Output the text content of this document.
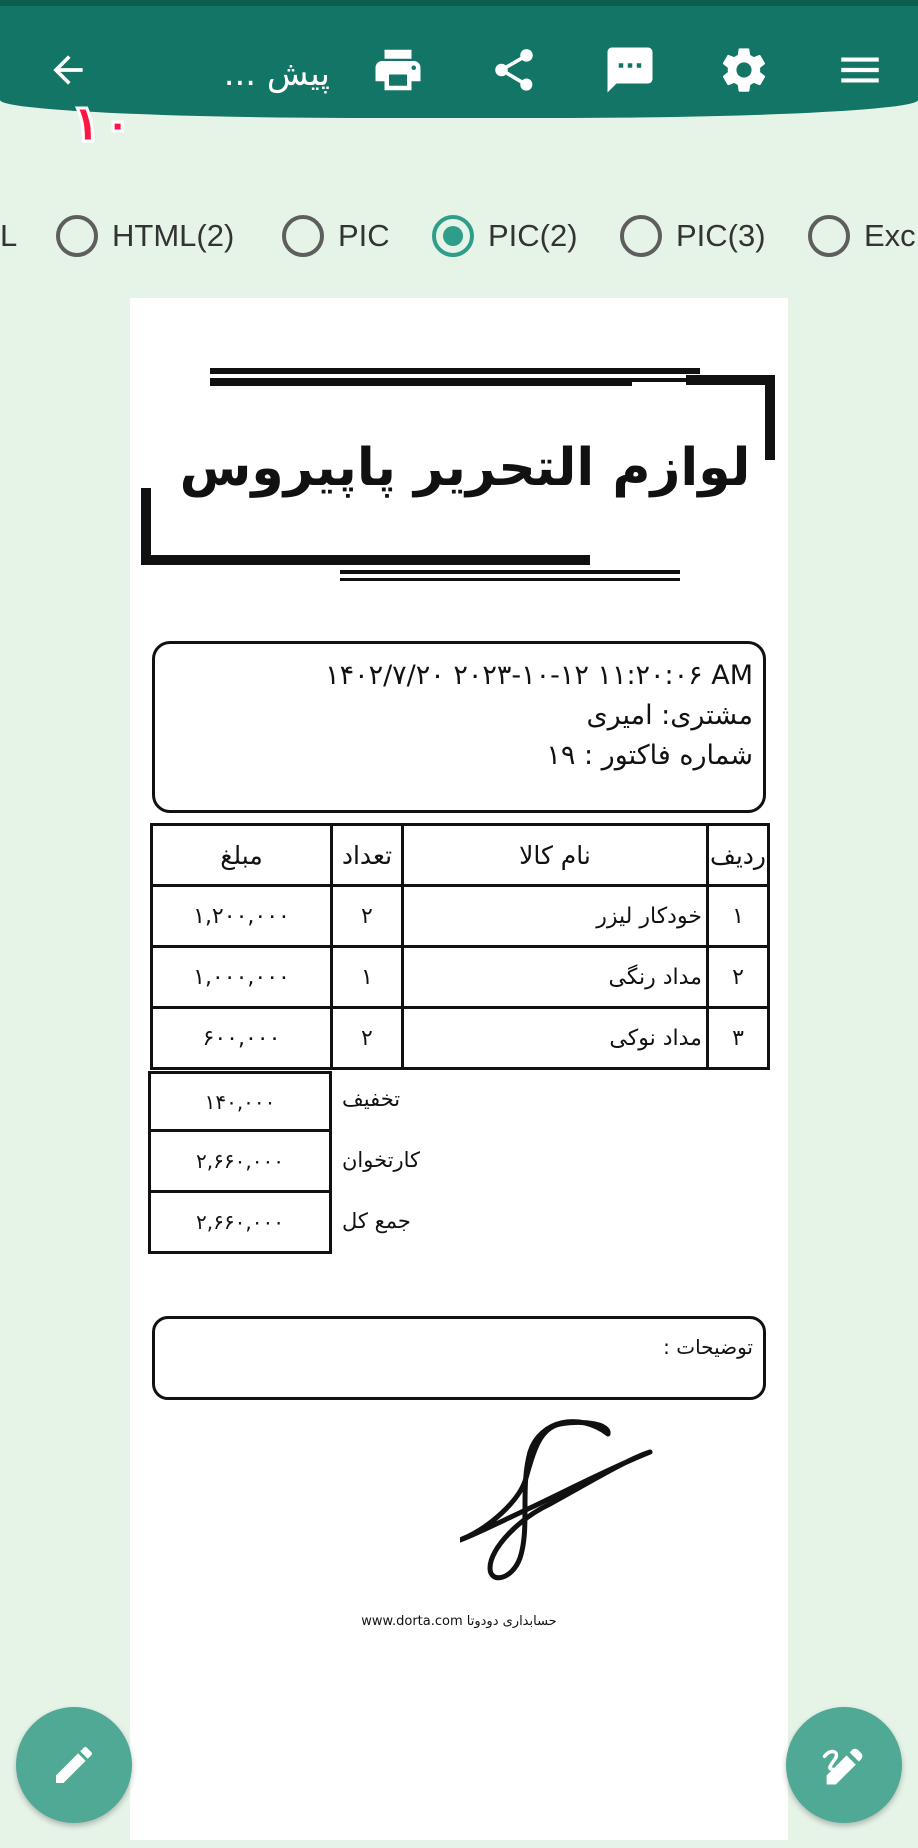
پیش ...
۱۰
L	HTML(2)	PIC	PIC(2)	PIC(3)	Exc
لوازم التحریر پاپیروس
۱۴۰۲/۷/۲۰ ۲۰۲۳-۱۰-۱۲ ۱۱:۲۰:۰۶ AM
مشتری: امیری
شماره فاکتور : ۱۹
ردیف	نام کالا	تعداد	مبلغ
۱	خودکار لیزر	۲	۱,۲۰۰,۰۰۰
۲	مداد رنگی	۱	۱,۰۰۰,۰۰۰
۳	مداد نوکی	۲	۶۰۰,۰۰۰
۱۴۰,۰۰۰	تخفیف
۲,۶۶۰,۰۰۰	کارتخوان
۲,۶۶۰,۰۰۰	جمع کل
توضیحات :
www.dorta.com حسابداری دودوتا
